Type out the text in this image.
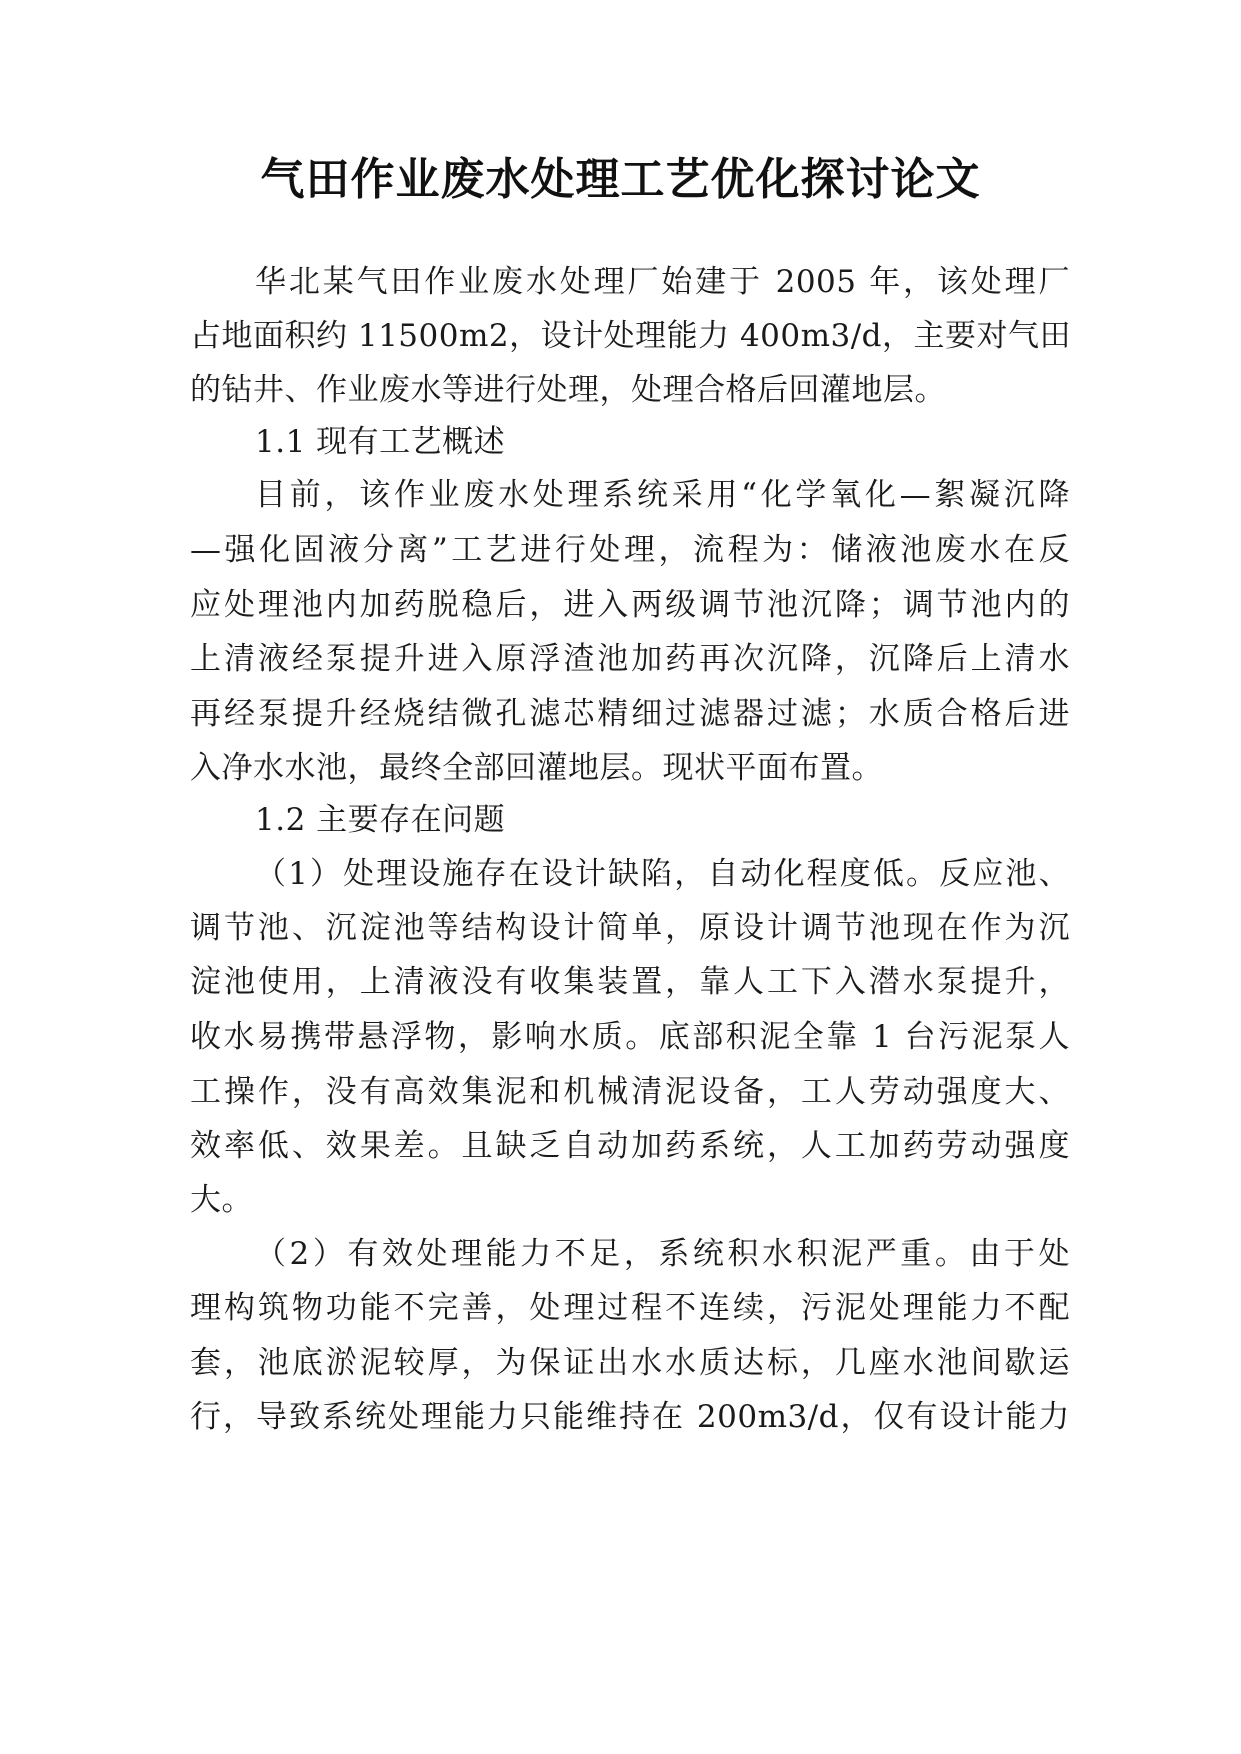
气田作业废水处理工艺优化探讨论文
华北某气田作业废水处理厂始建于 2005 年，该处理厂
占地面积约 11500m2，设计处理能力 400m3/d，主要对气田
的钻井、作业废水等进行处理，处理合格后回灌地层。
1.1 现有工艺概述
目前，该作业废水处理系统采用“化学氧化—絮凝沉降
—强化固液分离”工艺进行处理，流程为：储液池废水在反
应处理池内加药脱稳后，进入两级调节池沉降；调节池内的
上清液经泵提升进入原浮渣池加药再次沉降，沉降后上清水
再经泵提升经烧结微孔滤芯精细过滤器过滤；水质合格后进
入净水水池，最终全部回灌地层。现状平面布置。
1.2 主要存在问题
（1）处理设施存在设计缺陷，自动化程度低。反应池、
调节池、沉淀池等结构设计简单，原设计调节池现在作为沉
淀池使用，上清液没有收集装置，靠人工下入潜水泵提升，
收水易携带悬浮物，影响水质。底部积泥全靠 1 台污泥泵人
工操作，没有高效集泥和机械清泥设备，工人劳动强度大、
效率低、效果差。且缺乏自动加药系统，人工加药劳动强度
大。
（2）有效处理能力不足，系统积水积泥严重。由于处
理构筑物功能不完善，处理过程不连续，污泥处理能力不配
套，池底淤泥较厚，为保证出水水质达标，几座水池间歇运
行，导致系统处理能力只能维持在 200m3/d，仅有设计能力
